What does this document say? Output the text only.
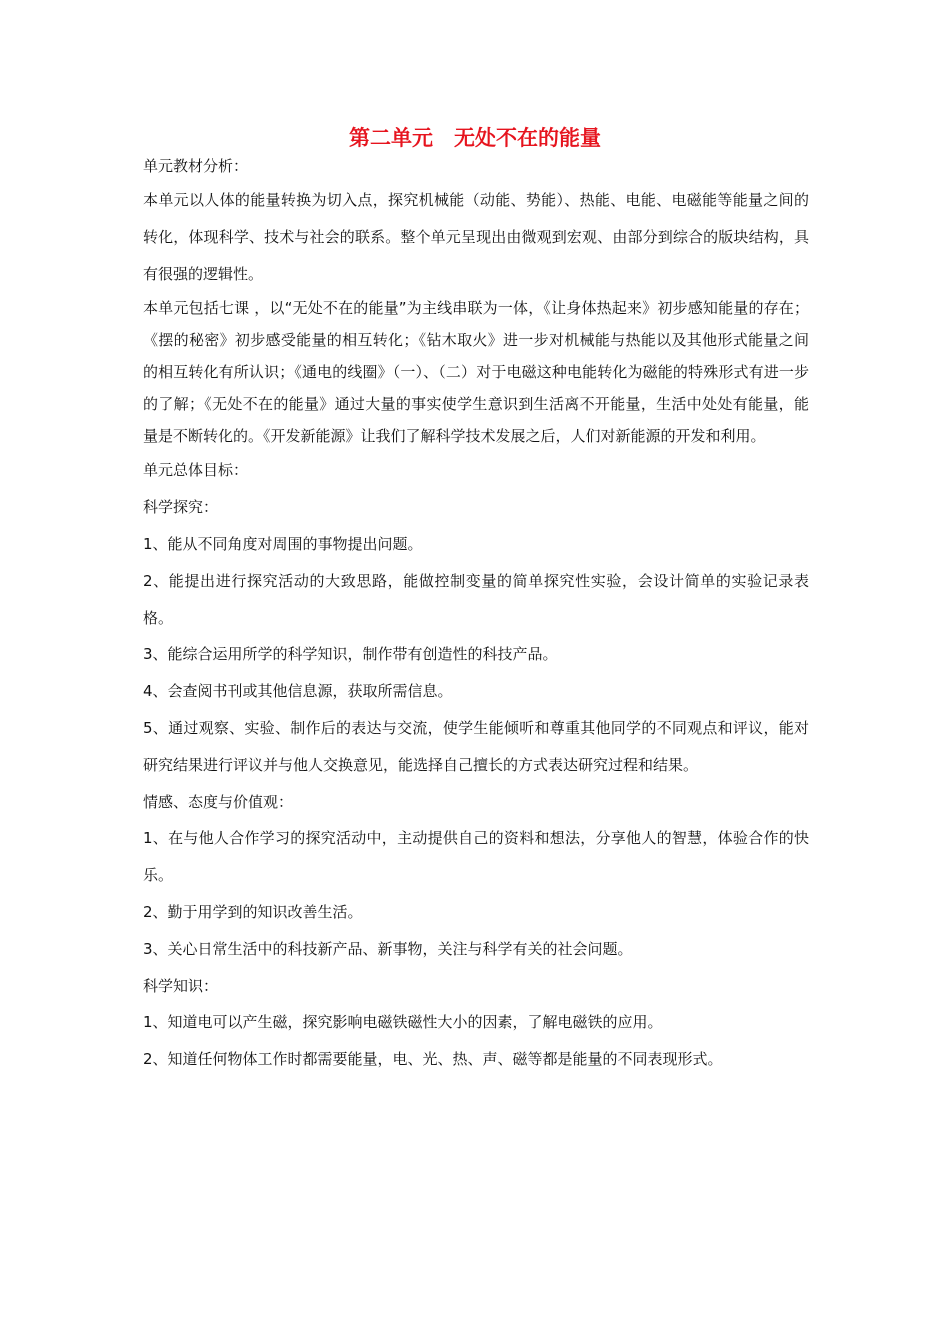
第二单元　无处不在的能量

单元教材分析：

本单元以人体的能量转换为切入点，探究机械能（动能、势能）、热能、电能、电磁能等能量之间的转化，体现科学、技术与社会的联系。整个单元呈现出由微观到宏观、由部分到综合的版块结构，具有很强的逻辑性。

本单元包括七课 ，以“无处不在的能量”为主线串联为一体，《让身体热起来》初步感知能量的存在；《摆的秘密》初步感受能量的相互转化；《钻木取火》进一步对机械能与热能以及其他形式能量之间的相互转化有所认识；《通电的线圈》（一）、（二）对于电磁这种电能转化为磁能的特殊形式有进一步的了解；《无处不在的能量》通过大量的事实使学生意识到生活离不开能量，生活中处处有能量，能量是不断转化的。《开发新能源》让我们了解科学技术发展之后，人们对新能源的开发和利用。

单元总体目标：

科学探究：

1、能从不同角度对周围的事物提出问题。

2、能提出进行探究活动的大致思路，能做控制变量的简单探究性实验，会设计简单的实验记录表格。

3、能综合运用所学的科学知识，制作带有创造性的科技产品。

4、会查阅书刊或其他信息源，获取所需信息。

5、通过观察、实验、制作后的表达与交流，使学生能倾听和尊重其他同学的不同观点和评议，能对研究结果进行评议并与他人交换意见，能选择自己擅长的方式表达研究过程和结果。

情感、态度与价值观：

1、在与他人合作学习的探究活动中，主动提供自己的资料和想法，分享他人的智慧，体验合作的快乐。

2、勤于用学到的知识改善生活。

3、关心日常生活中的科技新产品、新事物，关注与科学有关的社会问题。

科学知识：

1、知道电可以产生磁，探究影响电磁铁磁性大小的因素，了解电磁铁的应用。

2、知道任何物体工作时都需要能量，电、光、热、声、磁等都是能量的不同表现形式。
